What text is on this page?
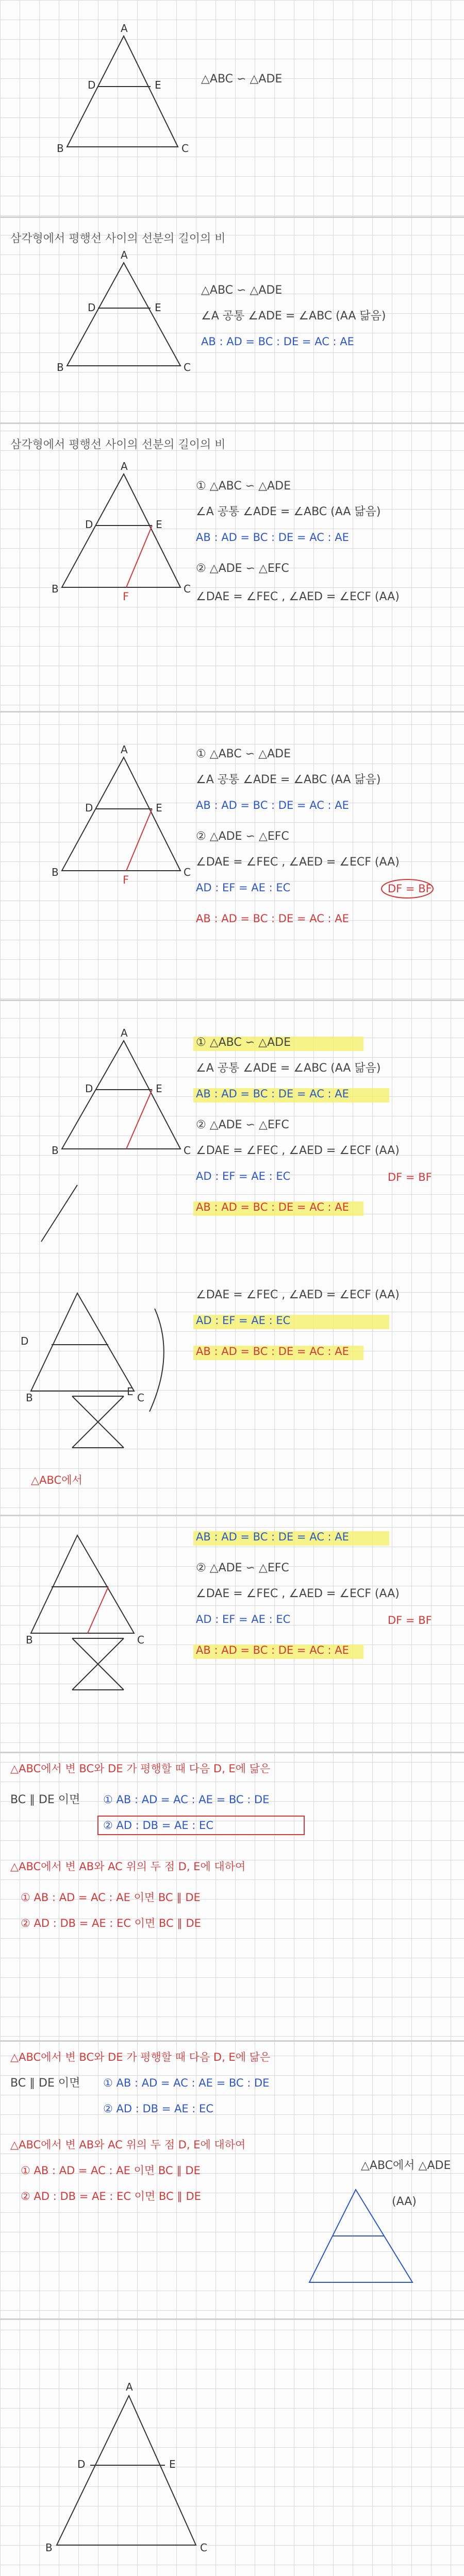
A
D	E
B	C
△ABC ∽ △ADE
삼각형에서 평행선 사이의 선분의 길이의 비
A
D	E
B	C
△ABC ∽ △ADE
∠A 공통 ∠ADE = ∠ABC (AA 닮음)
AB : AD = BC : DE = AC : AE
삼각형에서 평행선 사이의 선분의 길이의 비
A
D	E
B	C
F
① △ABC ∽ △ADE
∠A 공통 ∠ADE = ∠ABC (AA 닮음)
AB : AD = BC : DE = AC : AE
② △ADE ∽ △EFC
∠DAE = ∠FEC , ∠AED = ∠ECF (AA)
A
D	E
B	C
F
① △ABC ∽ △ADE
∠A 공통 ∠ADE = ∠ABC (AA 닮음)
AB : AD = BC : DE = AC : AE
② △ADE ∽ △EFC
∠DAE = ∠FEC , ∠AED = ∠ECF (AA)
AD : EF = AE : EC	DF = BF
AB : AD = BC : DE = AC : AE
A
D	E
B	C
① △ABC ∽ △ADE
∠A 공통 ∠ADE = ∠ABC (AA 닮음)
AB : AD = BC : DE = AC : AE
② △ADE ∽ △EFC
∠DAE = ∠FEC , ∠AED = ∠ECF (AA)
AD : EF = AE : EC	DF = BF
AB : AD = BC : DE = AC : AE
D
B	C
E
△ABC에서
∠DAE = ∠FEC , ∠AED = ∠ECF (AA)
AD : EF = AE : EC
AB : AD = BC : DE = AC : AE
B	C
AB : AD = BC : DE = AC : AE
② △ADE ∽ △EFC
∠DAE = ∠FEC , ∠AED = ∠ECF (AA)
AD : EF = AE : EC	DF = BF
AB : AD = BC : DE = AC : AE
△ABC에서 변 BC와 DE 가 평행할 때 다음 D, E에 닮은
BC ∥ DE 이면 ① AB : AD = AC : AE = BC : DE
② AD : DB = AE : EC
△ABC에서 변 AB와 AC 위의 두 점 D, E에 대하여
① AB : AD = AC : AE 이면 BC ∥ DE
② AD : DB = AE : EC 이면 BC ∥ DE
△ABC에서 변 BC와 DE 가 평행할 때 다음 D, E에 닮은
BC ∥ DE 이면 ① AB : AD = AC : AE = BC : DE
② AD : DB = AE : EC
△ABC에서 변 AB와 AC 위의 두 점 D, E에 대하여
① AB : AD = AC : AE 이면 BC ∥ DE
② AD : DB = AE : EC 이면 BC ∥ DE
△ABC에서 △ADE
(AA)
A
D	E
B	C
